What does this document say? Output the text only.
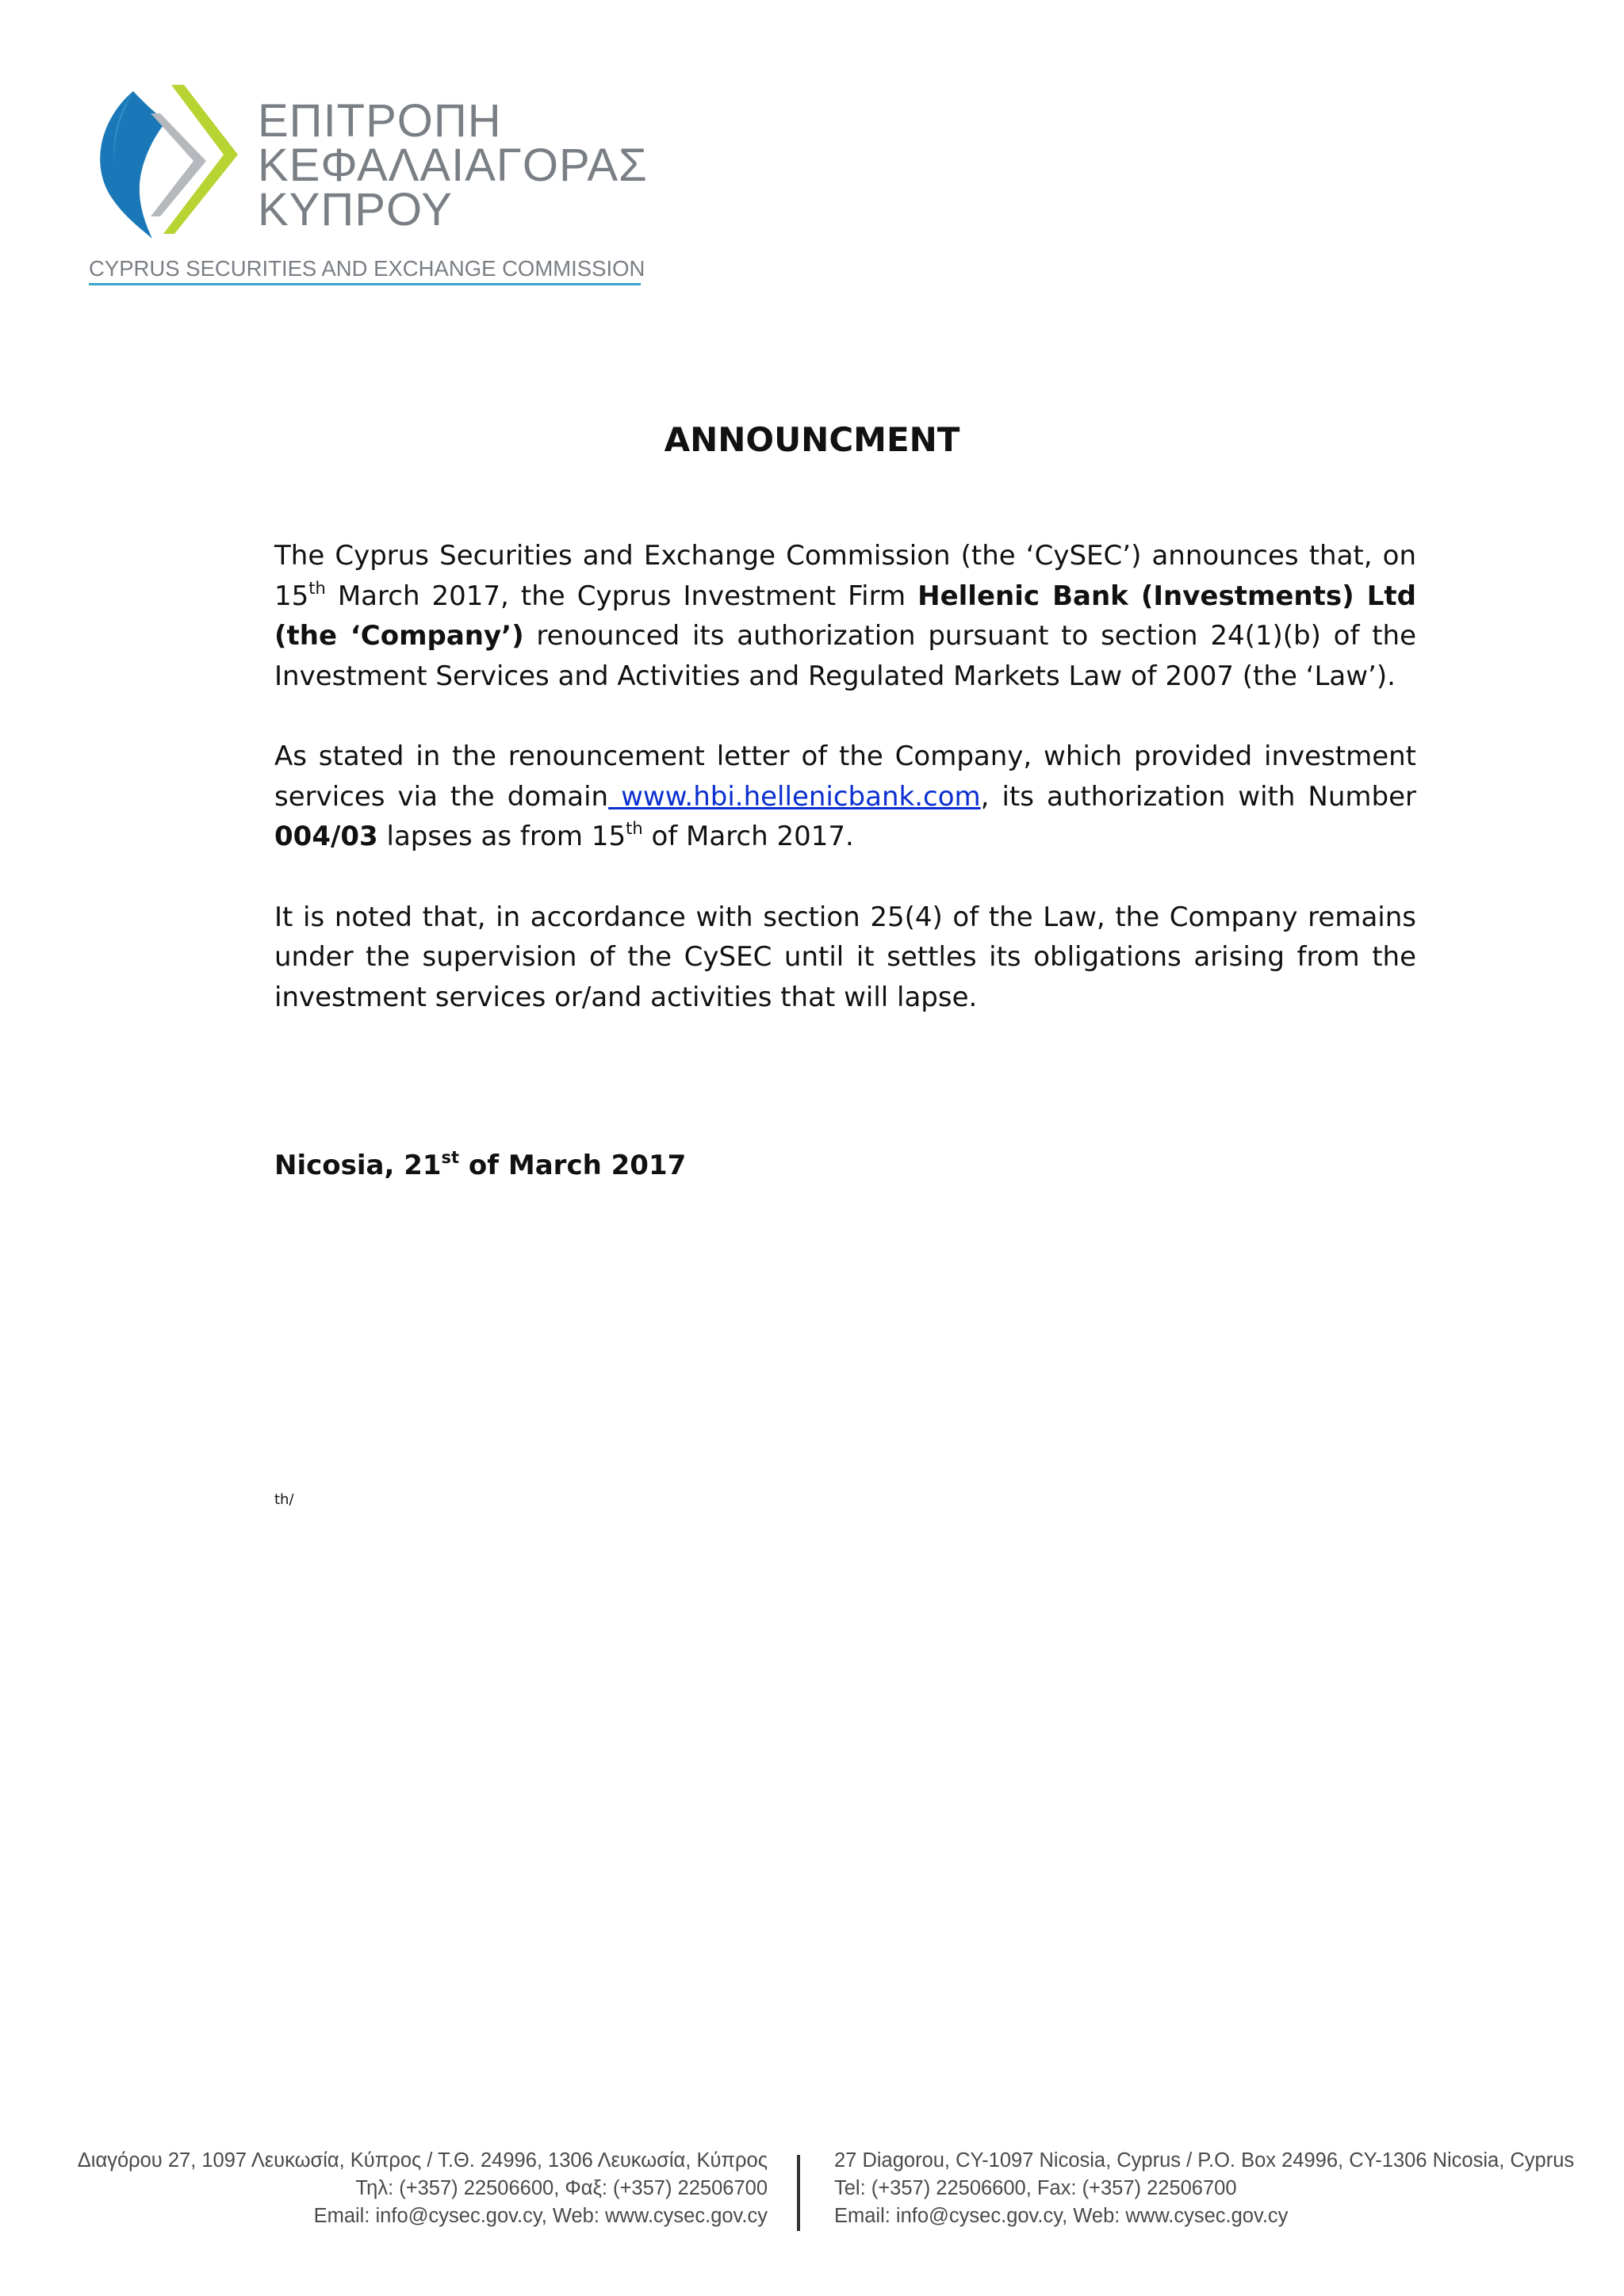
ΕΠΙΤΡΟΠΗ
ΚΕΦΑΛΑΙΑΓΟΡΑΣ
ΚΥΠΡΟΥ
CYPRUS SECURITIES AND EXCHANGE COMMISSION
ANNOUNCMENT

The Cyprus Securities and Exchange Commission (the ‘CySEC’) announces that, on 15th March 2017, the Cyprus Investment Firm Hellenic Bank (Investments) Ltd (the ‘Company’) renounced its authorization pursuant to section 24(1)(b) of the Investment Services and Activities and Regulated Markets Law of 2007 (the ‘Law’).

As stated in the renouncement letter of the Company, which provided investment services via the domain www.hbi.hellenicbank.com, its authorization with Number 004/03 lapses as from 15th of March 2017.

It is noted that, in accordance with section 25(4) of the Law, the Company remains under the supervision of the CySEC until it settles its obligations arising from the investment services or/and activities that will lapse.

Nicosia, 21st of March 2017
th/
Διαγόρου 27, 1097 Λευκωσία, Κύπρος / Τ.Θ. 24996, 1306 Λευκωσία, Κύπρος
Τηλ: (+357) 22506600, Φαξ: (+357) 22506700
Email: info@cysec.gov.cy, Web: www.cysec.gov.cy
27 Diagorou, CY-1097 Nicosia, Cyprus / P.O. Box 24996, CY-1306 Nicosia, Cyprus
Tel: (+357) 22506600, Fax: (+357) 22506700
Email: info@cysec.gov.cy, Web: www.cysec.gov.cy
